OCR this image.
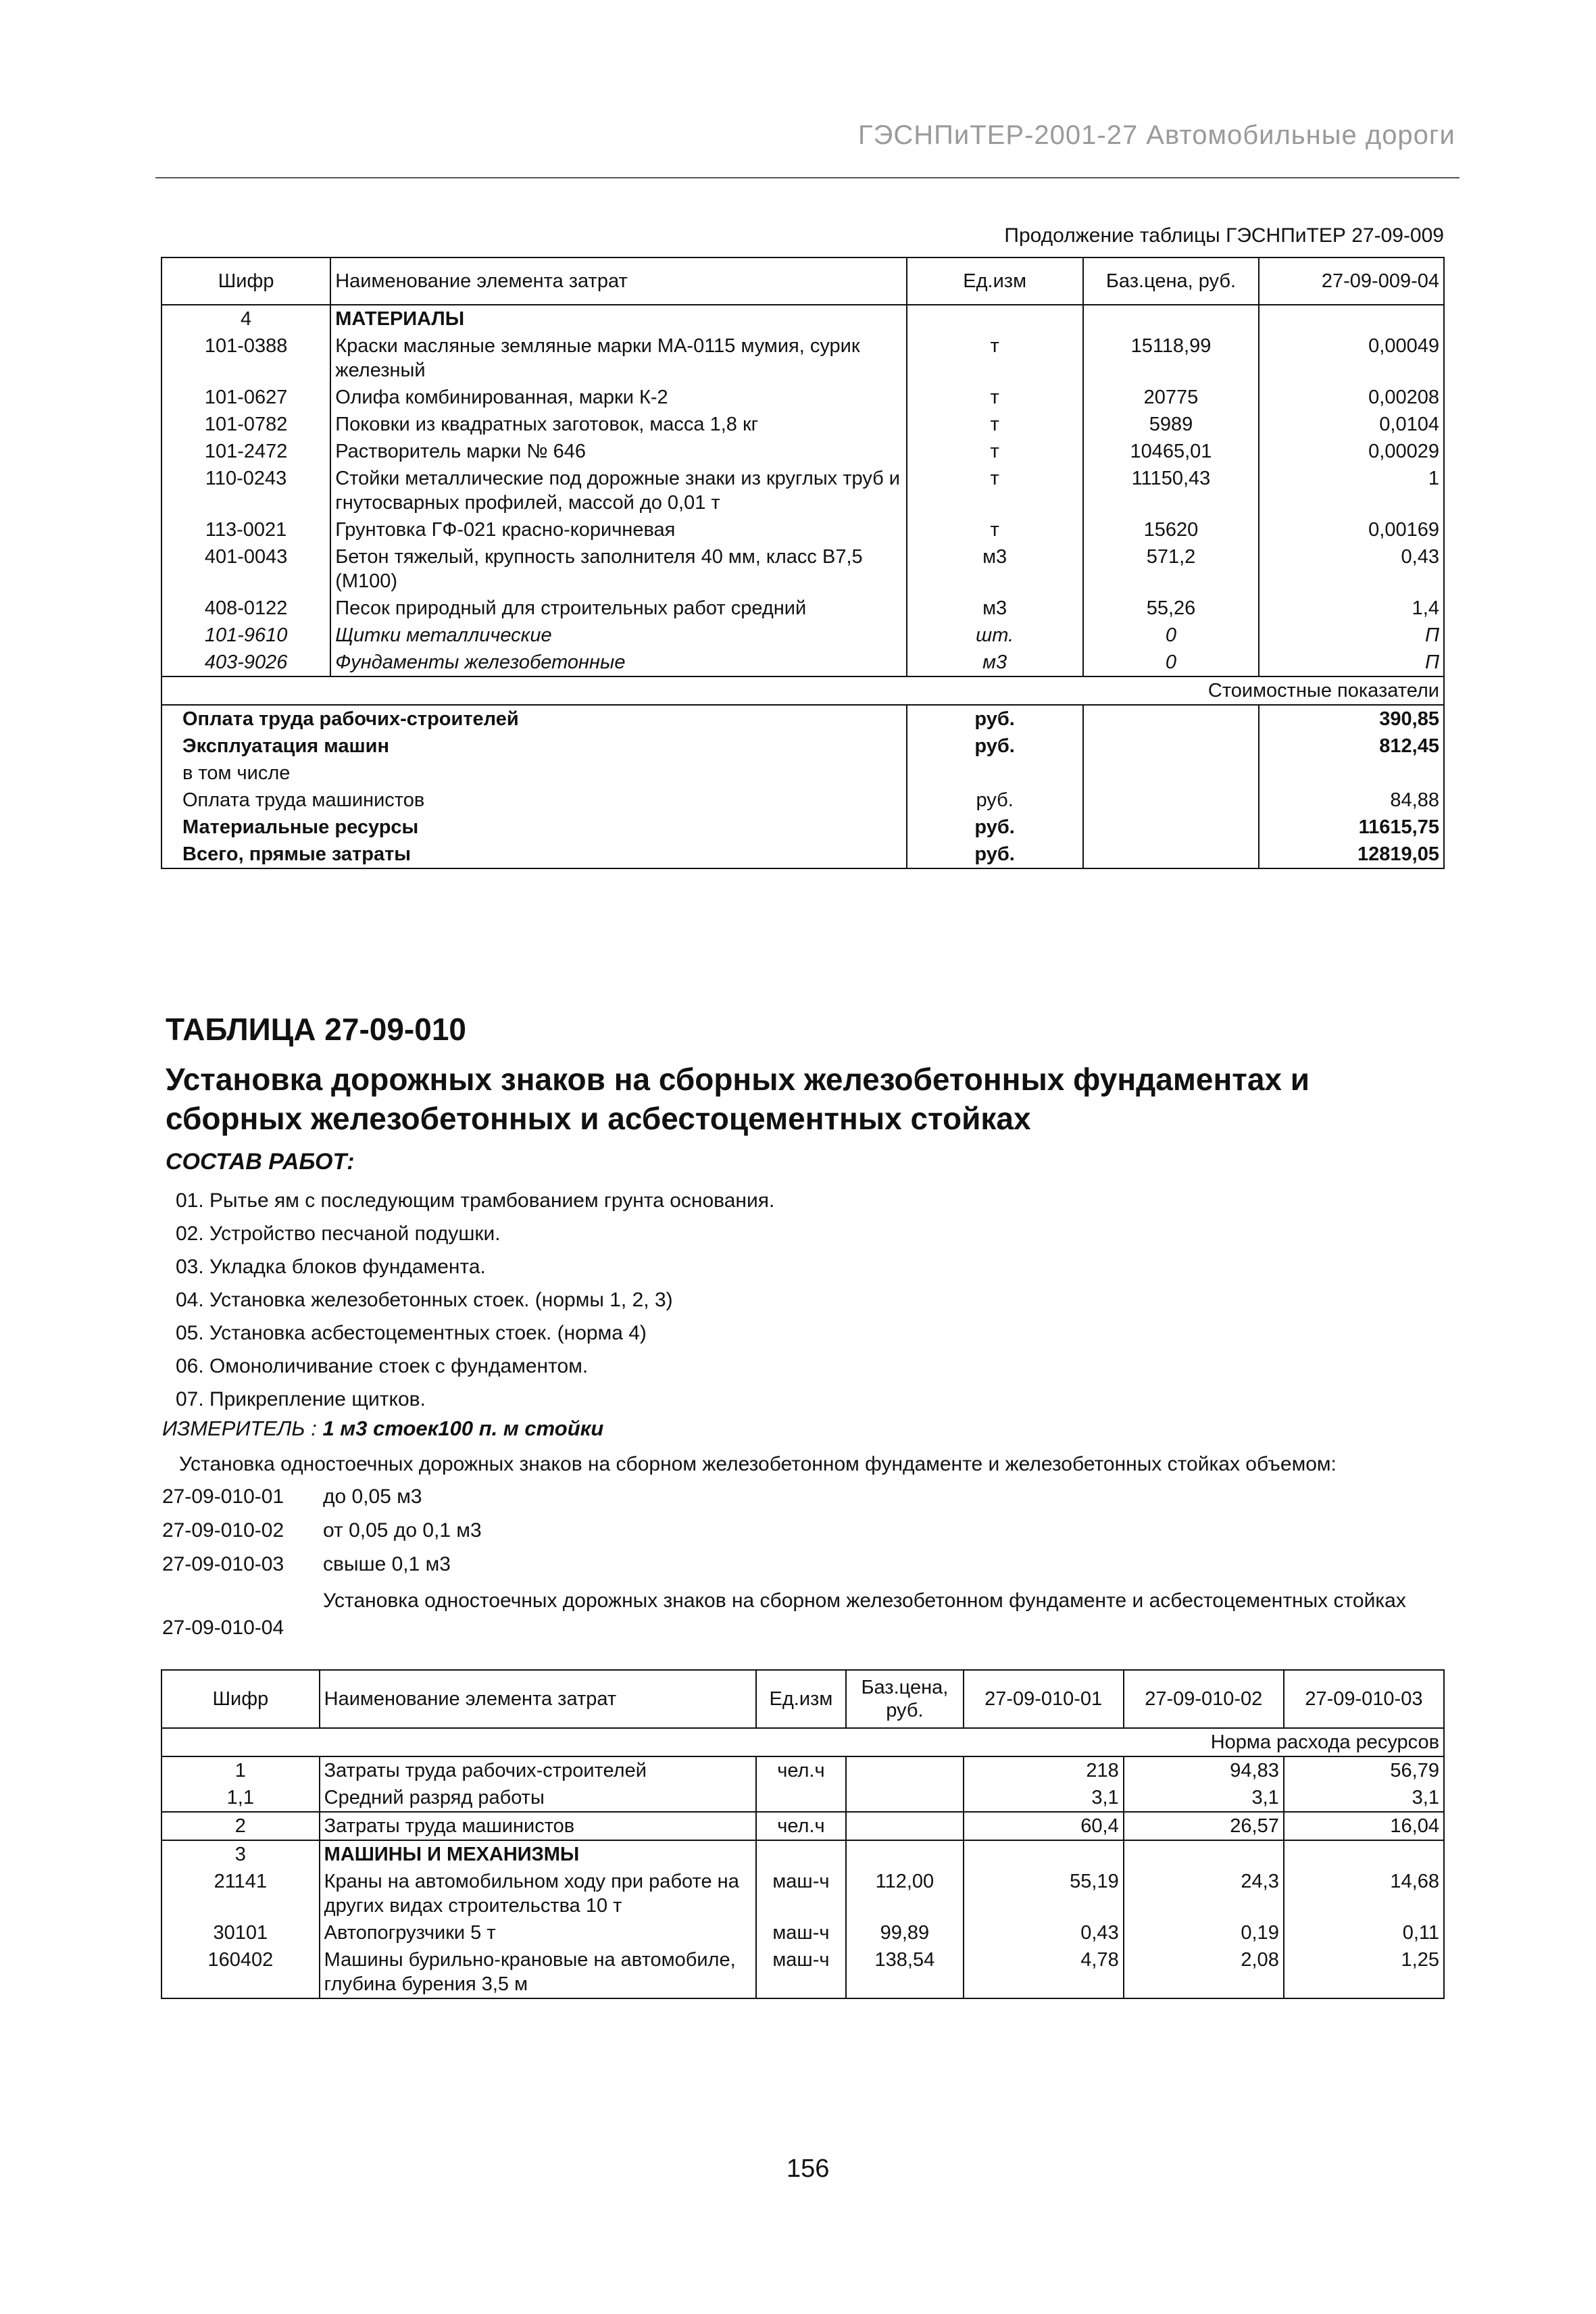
ГЭСНПиТЕР-2001-27 Автомобильные дороги
Продолжение таблицы ГЭСНПиТЕР 27-09-009
Шифр	Наименование элемента затрат	Ед.изм	Баз.цена, руб.	27-09-009-04
4	МАТЕРИАЛЫ			
101-0388	Краски масляные земляные марки МА-0115 мумия, сурик железный	т	15118,99	0,00049
101-0627	Олифа комбинированная, марки К-2	т	20775	0,00208
101-0782	Поковки из квадратных заготовок, масса 1,8 кг	т	5989	0,0104
101-2472	Растворитель марки № 646	т	10465,01	0,00029
110-0243	Стойки металлические под дорожные знаки из круглых труб и гнутосварных профилей, массой до 0,01 т	т	11150,43	1
113-0021	Грунтовка ГФ-021 красно-коричневая	т	15620	0,00169
401-0043	Бетон тяжелый, крупность заполнителя 40 мм, класс В7,5 (М100)	м3	571,2	0,43
408-0122	Песок природный для строительных работ средний	м3	55,26	1,4
101-9610	Щитки металлические	шт.	0	П
403-9026	Фундаменты железобетонные	м3	0	П
Стоимостные показатели				
Оплата труда рабочих-строителей		руб.		390,85
Эксплуатация машин		руб.		812,45
в том числе				
Оплата труда машинистов		руб.		84,88
Материальные ресурсы		руб.		11615,75
Всего, прямые затраты		руб.		12819,05
ТАБЛИЦА 27-09-010
Установка дорожных знаков на сборных железобетонных фундаментах и сборных железобетонных и асбестоцементных стойках
СОСТАВ РАБОТ:
01. Рытье ям с последующим трамбованием грунта основания.
02. Устройство песчаной подушки.
03. Укладка блоков фундамента.
04. Установка железобетонных стоек. (нормы 1, 2, 3)
05. Установка асбестоцементных стоек. (норма 4)
06. Омоноличивание стоек с фундаментом.
07. Прикрепление щитков.
ИЗМЕРИТЕЛЬ : 1 м3 стоек100 п. м стойки
Установка одностоечных дорожных знаков на сборном железобетонном фундаменте и железобетонных стойках объемом:
27-09-010-01 до 0,05 м3
27-09-010-02 от 0,05 до 0,1 м3
27-09-010-03 свыше 0,1 м3
Установка одностоечных дорожных знаков на сборном железобетонном фундаменте и асбестоцементных стойках
27-09-010-04
Шифр	Наименование элемента затрат	Ед.изм	Баз.цена, руб.	27-09-010-01	27-09-010-02	27-09-010-03
Норма расхода ресурсов						
1	Затраты труда рабочих-строителей	чел.ч		218	94,83	56,79
1,1	Средний разряд работы			3,1	3,1	3,1
2	Затраты труда машинистов	чел.ч		60,4	26,57	16,04
3	МАШИНЫ И МЕХАНИЗМЫ					
21141	Краны на автомобильном ходу при работе на других видах строительства 10 т	маш-ч	112,00	55,19	24,3	14,68
30101	Автопогрузчики 5 т	маш-ч	99,89	0,43	0,19	0,11
160402	Машины бурильно-крановые на автомобиле, глубина бурения 3,5 м	маш-ч	138,54	4,78	2,08	1,25
156
